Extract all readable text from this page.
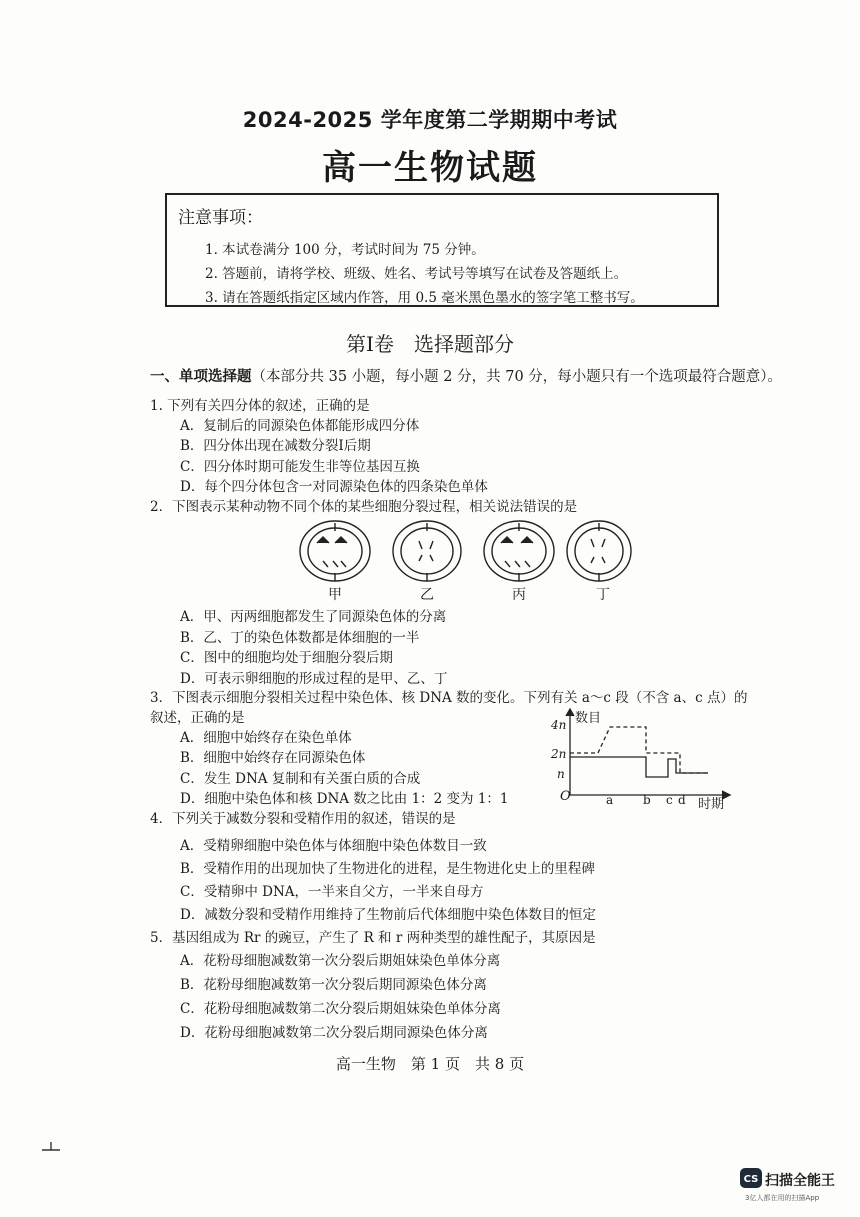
2024-2025 学年度第二学期期中考试
高一生物试题
注意事项：
1. 本试卷满分 100 分，考试时间为 75 分钟。
2. 答题前，请将学校、班级、姓名、考试号等填写在试卷及答题纸上。
3. 请在答题纸指定区域内作答，用 0.5 毫米黑色墨水的签字笔工整书写。
第Ⅰ卷　选择题部分
一、单项选择题（本部分共 35 小题，每小题 2 分，共 70 分，每小题只有一个选项最符合题意）。
1. 下列有关四分体的叙述，正确的是
A．复制后的同源染色体都能形成四分体
B．四分体出现在减数分裂Ⅰ后期
C．四分体时期可能发生非等位基因互换
D．每个四分体包含一对同源染色体的四条染色单体
2．下图表示某种动物不同个体的某些细胞分裂过程，相关说法错误的是
甲	乙	丙	丁
A．甲、丙两细胞都发生了同源染色体的分离
B．乙、丁的染色体数都是体细胞的一半
C．图中的细胞均处于细胞分裂后期
D．可表示卵细胞的形成过程的是甲、乙、丁
3．下图表示细胞分裂相关过程中染色体、核 DNA 数的变化。下列有关 a～c 段（不含 a、c 点）的
叙述，正确的是
A．细胞中始终存在染色单体
B．细胞中始终存在同源染色体
C．发生 DNA 复制和有关蛋白质的合成
D．细胞中染色体和核 DNA 数之比由 1：2 变为 1：1
数目
4n
2n
n
O	a b c d 时期
4．下列关于减数分裂和受精作用的叙述，错误的是
A．受精卵细胞中染色体与体细胞中染色体数目一致
B．受精作用的出现加快了生物进化的进程，是生物进化史上的里程碑
C．受精卵中 DNA，一半来自父方，一半来自母方
D．减数分裂和受精作用维持了生物前后代体细胞中染色体数目的恒定
5．基因组成为 Rr 的豌豆，产生了 R 和 r 两种类型的雄性配子，其原因是
A．花粉母细胞减数第一次分裂后期姐妹染色单体分离
B．花粉母细胞减数第一次分裂后期同源染色体分离
C．花粉母细胞减数第二次分裂后期姐妹染色单体分离
D．花粉母细胞减数第二次分裂后期同源染色体分离
高一生物　第 1 页　共 8 页
CS 扫描全能王
3亿人都在用的扫描App
